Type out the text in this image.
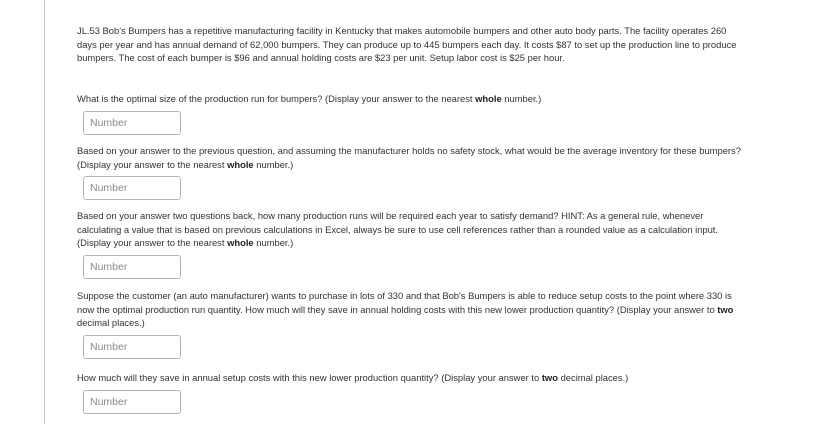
JL.53 Bob's Bumpers has a repetitive manufacturing facility in Kentucky that makes automobile bumpers and other auto body parts. The facility operates 260 days per year and has annual demand of 62,000 bumpers. They can produce up to 445 bumpers each day. It costs $87 to set up the production line to produce bumpers. The cost of each bumper is $96 and annual holding costs are $23 per unit. Setup labor cost is $25 per hour.

What is the optimal size of the production run for bumpers? (Display your answer to the nearest whole number.)

Number

Based on your answer to the previous question, and assuming the manufacturer holds no safety stock, what would be the average inventory for these bumpers? (Display your answer to the nearest whole number.)

Number

Based on your answer two questions back, how many production runs will be required each year to satisfy demand? HINT: As a general rule, whenever calculating a value that is based on previous calculations in Excel, always be sure to use cell references rather than a rounded value as a calculation input. (Display your answer to the nearest whole number.)

Number

Suppose the customer (an auto manufacturer) wants to purchase in lots of 330 and that Bob's Bumpers is able to reduce setup costs to the point where 330 is now the optimal production run quantity. How much will they save in annual holding costs with this new lower production quantity? (Display your answer to two decimal places.)

Number

How much will they save in annual setup costs with this new lower production quantity? (Display your answer to two decimal places.)

Number
